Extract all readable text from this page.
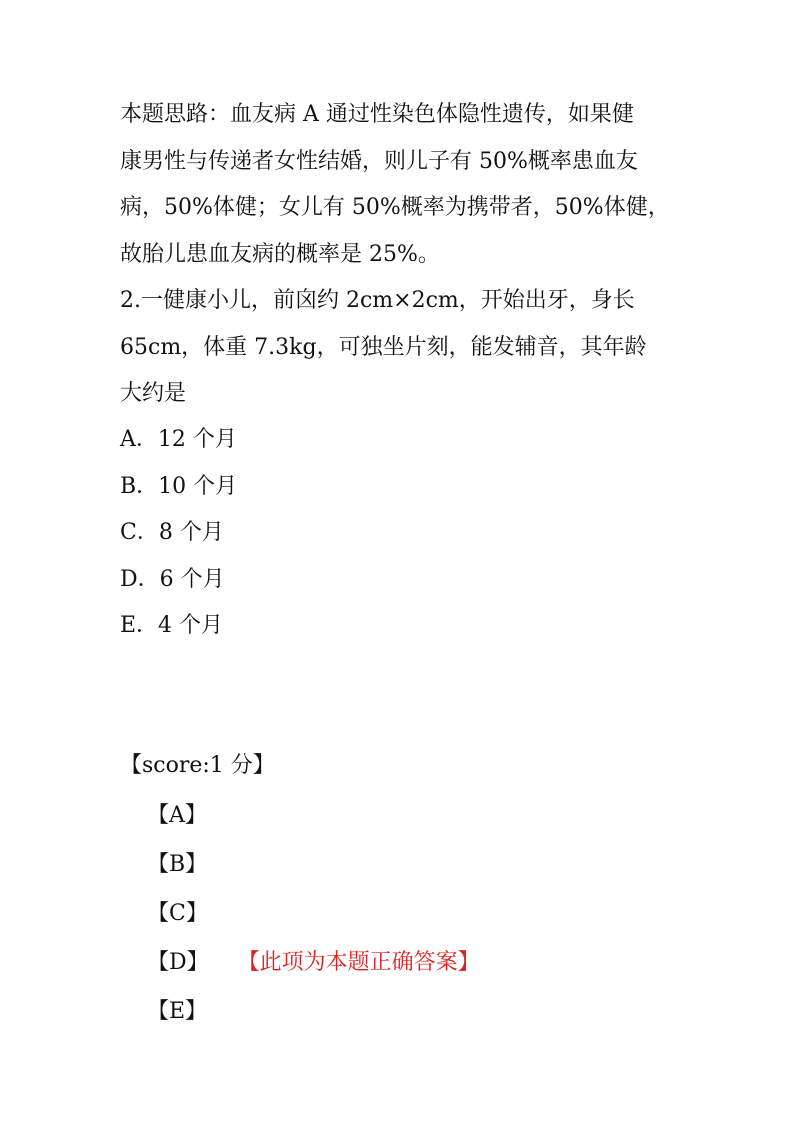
本题思路：血友病 A 通过性染色体隐性遗传，如果健
康男性与传递者女性结婚，则儿子有 50%概率患血友
病，50%体健；女儿有 50%概率为携带者，50%体健，
故胎儿患血友病的概率是 25%。
2.一健康小儿，前囟约 2cm×2cm，开始出牙，身长
65cm，体重 7.3kg，可独坐片刻，能发辅音，其年龄
大约是
A．12 个月
B．10 个月
C．8 个月
D．6 个月
E．4 个月
【score:1 分】
【A】
【B】
【C】
【D】 【此项为本题正确答案】
【E】
